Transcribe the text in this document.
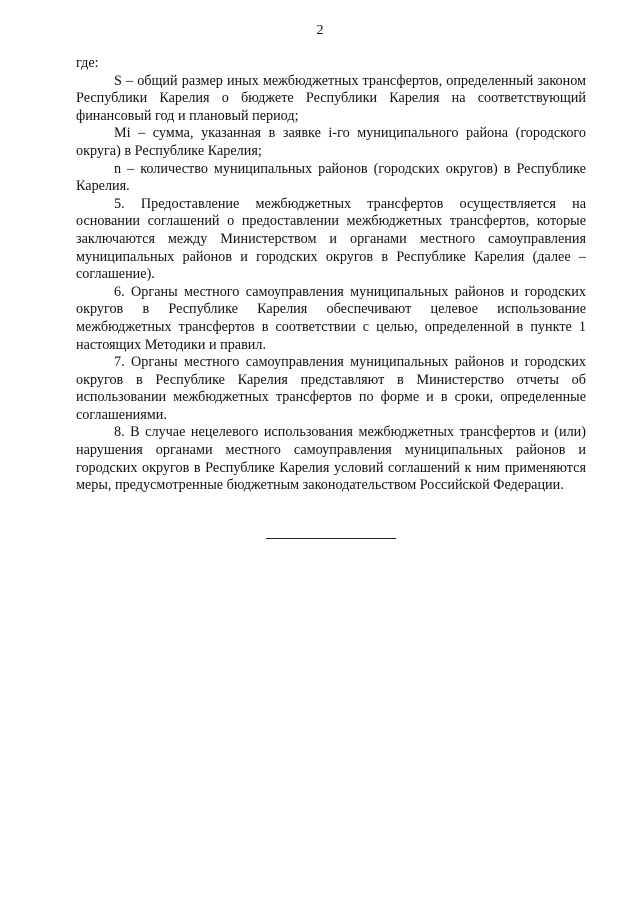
2

где:

S – общий размер иных межбюджетных трансфертов, определенный законом Республики Карелия о бюджете Республики Карелия на соответствующий финансовый год и плановый период;

Mi – сумма, указанная в заявке i-го муниципального района (городского округа) в Республике Карелия;

n – количество муниципальных районов (городских округов) в Республике Карелия.

5. Предоставление межбюджетных трансфертов осуществляется на основании соглашений о предоставлении межбюджетных трансфертов, которые заключаются между Министерством и органами местного самоуправления муниципальных районов и городских округов в Республике Карелия (далее – соглашение).

6. Органы местного самоуправления муниципальных районов и городских округов в Республике Карелия обеспечивают целевое использование межбюджетных трансфертов в соответствии с целью, определенной в пункте 1 настоящих Методики и правил.

7. Органы местного самоуправления муниципальных районов и городских округов в Республике Карелия представляют в Министерство отчеты об использовании межбюджетных трансфертов по форме и в сроки, определенные соглашениями.

8. В случае нецелевого использования межбюджетных трансфертов и (или) нарушения органами местного самоуправления муниципальных районов и городских округов в Республике Карелия условий соглашений к ним применяются меры, предусмотренные бюджетным законодательством Российской Федерации.
